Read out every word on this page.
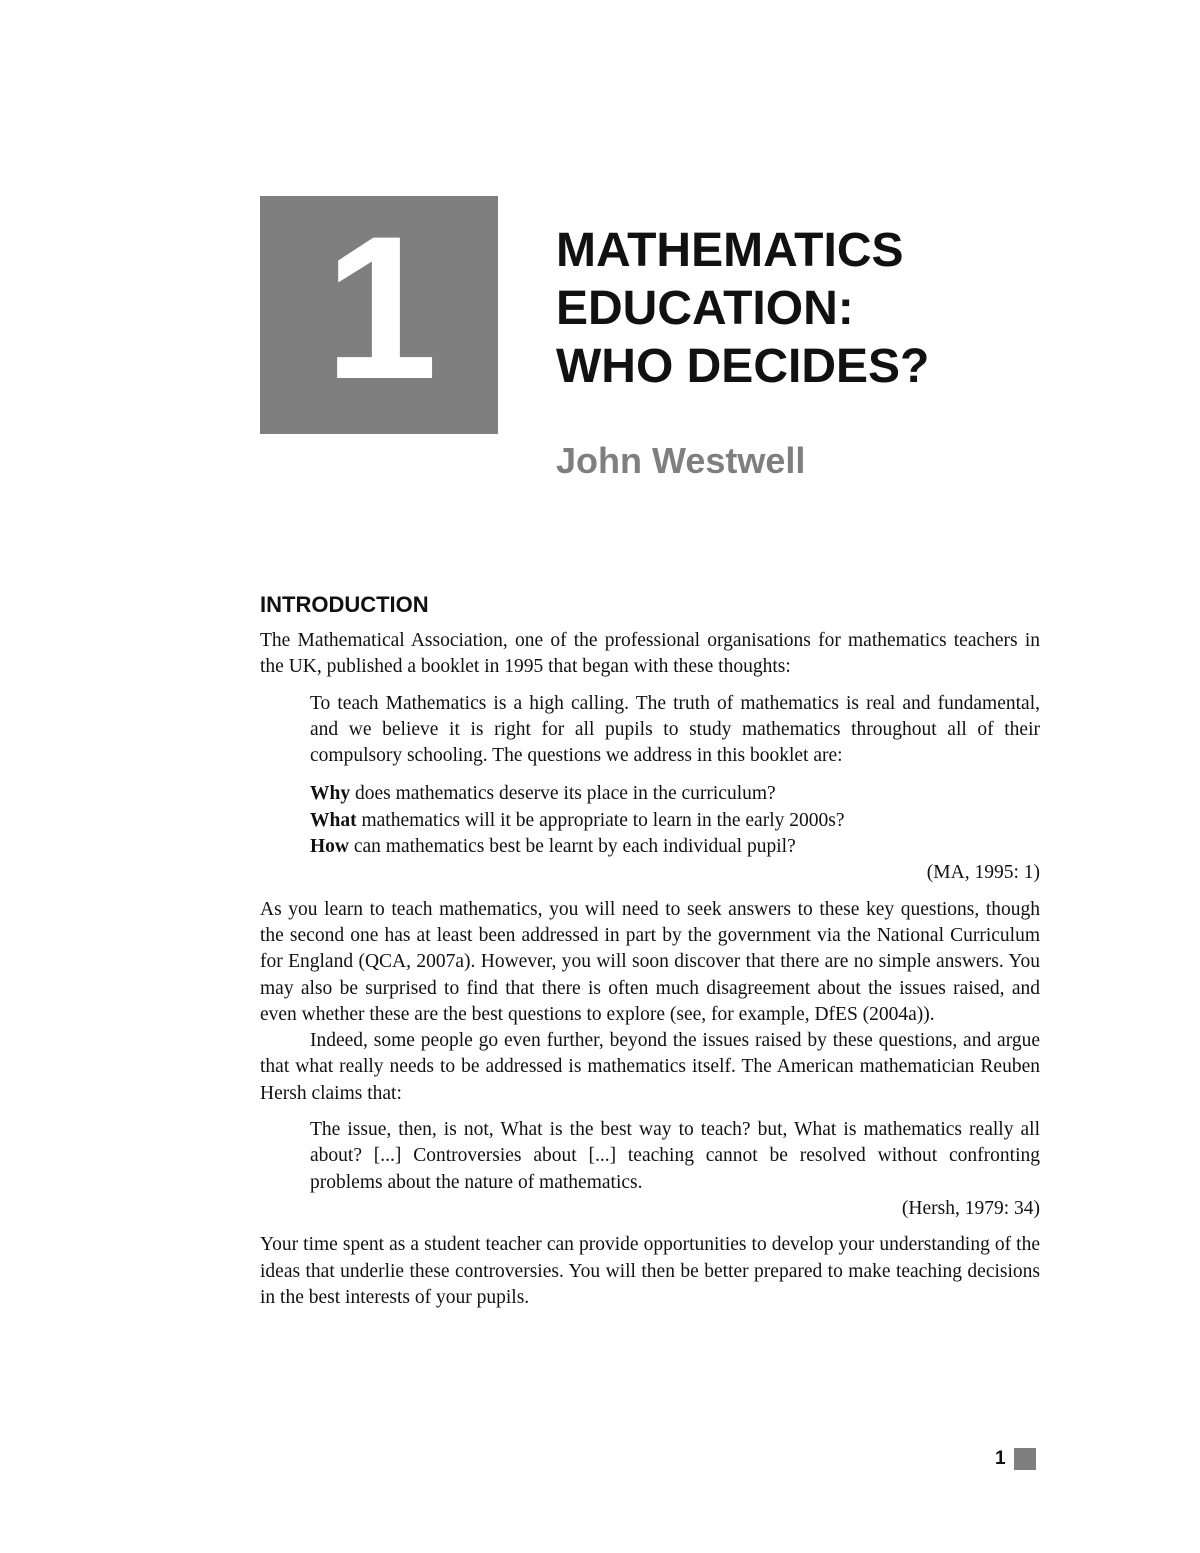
1	MATHEMATICS
EDUCATION:
WHO DECIDES?
John Westwell
INTRODUCTION

The Mathematical Association, one of the professional organisations for mathematics teachers in the UK, published a booklet in 1995 that began with these thoughts:

To teach Mathematics is a high calling. The truth of mathematics is real and fundamental, and we believe it is right for all pupils to study mathematics throughout all of their compulsory schooling. The questions we address in this booklet are:

Why does mathematics deserve its place in the curriculum?
What mathematics will it be appropriate to learn in the early 2000s?
How can mathematics best be learnt by each individual pupil?
(MA, 1995: 1)

As you learn to teach mathematics, you will need to seek answers to these key questions, though the second one has at least been addressed in part by the government via the National Curriculum for England (QCA, 2007a). However, you will soon discover that there are no simple answers. You may also be surprised to find that there is often much disagreement about the issues raised, and even whether these are the best questions to explore (see, for example, DfES (2004a)).

Indeed, some people go even further, beyond the issues raised by these questions, and argue that what really needs to be addressed is mathematics itself. The American mathematician Reuben Hersh claims that:

The issue, then, is not, What is the best way to teach? but, What is mathematics really all about? [...] Controversies about [...] teaching cannot be resolved without confronting problems about the nature of mathematics.

(Hersh, 1979: 34)

Your time spent as a student teacher can provide opportunities to develop your understanding of the ideas that underlie these controversies. You will then be better prepared to make teaching decisions in the best interests of your pupils.

1
